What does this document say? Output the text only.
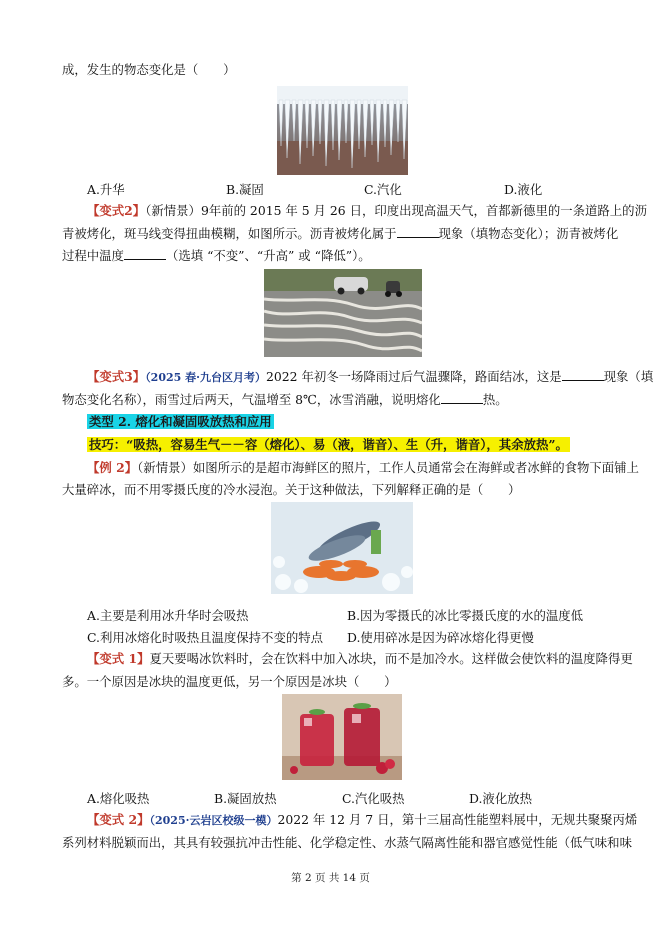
成，发生的物态变化是（　　）
A.升华	B.凝固	C.汽化	D.液化
【变式2】（新情景）9年前的 2015 年 5 月 26 日，印度出现高温天气，首都新德里的一条道路上的沥
青被烤化，斑马线变得扭曲模糊，如图所示。沥青被烤化属于	现象（填物态变化）；沥青被烤化
过程中温度	（选填 “不变”、“升高” 或 “降低”）。
【变式3】（2025 春·九台区月考）2022 年初冬一场降雨过后气温骤降，路面结冰，这是	现象（填
物态变化名称），雨雪过后两天，气温增至 8℃，冰雪消融，说明熔化	热。
类型 2. 熔化和凝固吸放热和应用
技巧：“吸热，容易生气－－容（熔化）、易（液，谐音）、生（升，谐音），其余放热”。
【例 2】（新情景）如图所示的是超市海鲜区的照片，工作人员通常会在海鲜或者冰鲜的食物下面铺上
大量碎冰，而不用零摄氏度的冷水浸泡。关于这种做法，下列解释正确的是（　　）
A.主要是利用冰升华时会吸热	B.因为零摄氏的冰比零摄氏度的水的温度低
C.利用冰熔化时吸热且温度保持不变的特点 D.使用碎冰是因为碎冰熔化得更慢
【变式 1】夏天要喝冰饮料时，会在饮料中加入冰块，而不是加冷水。这样做会使饮料的温度降得更
多。一个原因是冰块的温度更低，另一个原因是冰块（　　）
A.熔化吸热	B.凝固放热	C.汽化吸热	D.液化放热
【变式 2】（2025·云岩区校级一模）2022 年 12 月 7 日，第十三届高性能塑料展中，无规共聚聚丙烯
系列材料脱颖而出，其具有较强抗冲击性能、化学稳定性、水蒸气隔离性能和器官感觉性能（低气味和味
第 2 页 共 14 页
